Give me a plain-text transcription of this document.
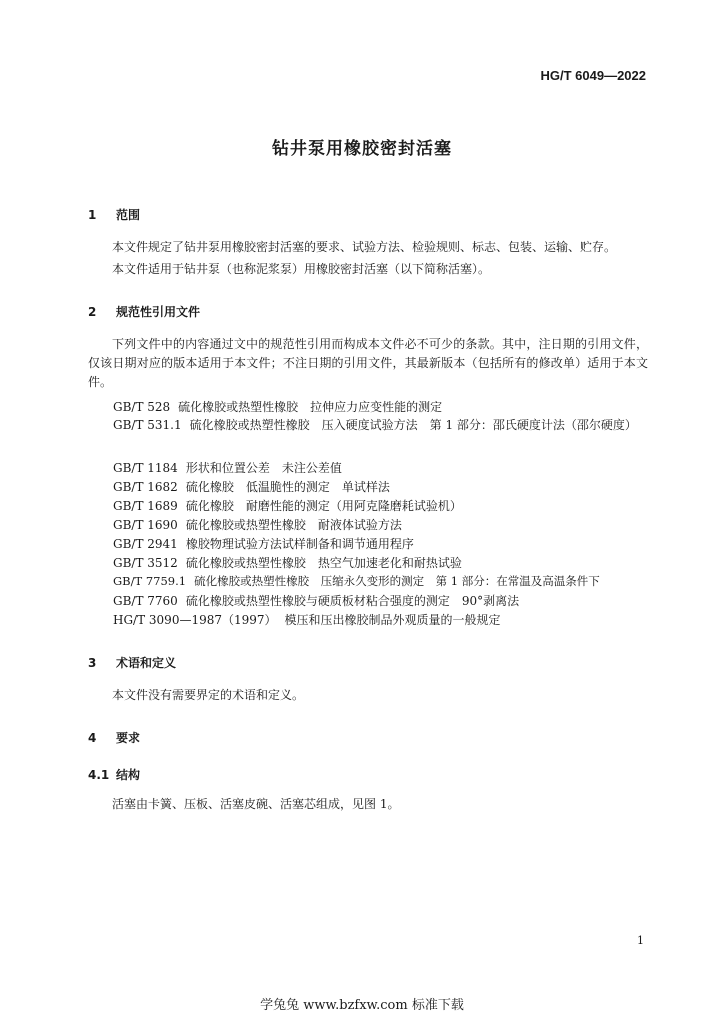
HG/T 6049—2022
钻井泵用橡胶密封活塞
1 范围
本文件规定了钻井泵用橡胶密封活塞的要求、试验方法、检验规则、标志、包装、运输、贮存。
本文件适用于钻井泵（也称泥浆泵）用橡胶密封活塞（以下简称活塞）。
2 规范性引用文件
下列文件中的内容通过文中的规范性引用而构成本文件必不可少的条款。其中，注日期的引用文件，仅该日期对应的版本适用于本文件；不注日期的引用文件，其最新版本（包括所有的修改单）适用于本文件。
GB/T 528 硫化橡胶或热塑性橡胶　拉伸应力应变性能的测定
GB/T 531.1 硫化橡胶或热塑性橡胶　压入硬度试验方法　第 1 部分：邵氏硬度计法（邵尔硬度）
GB/T 1184 形状和位置公差　未注公差值
GB/T 1682 硫化橡胶　低温脆性的测定　单试样法
GB/T 1689 硫化橡胶　耐磨性能的测定（用阿克隆磨耗试验机）
GB/T 1690 硫化橡胶或热塑性橡胶　耐液体试验方法
GB/T 2941 橡胶物理试验方法试样制备和调节通用程序
GB/T 3512 硫化橡胶或热塑性橡胶　热空气加速老化和耐热试验
GB/T 7759.1 硫化橡胶或热塑性橡胶　压缩永久变形的测定　第 1 部分：在常温及高温条件下
GB/T 7760 硫化橡胶或热塑性橡胶与硬质板材粘合强度的测定　90°剥离法
HG/T 3090—1987（1997） 模压和压出橡胶制品外观质量的一般规定
3 术语和定义
本文件没有需要界定的术语和定义。
4 要求
4.1 结构
活塞由卡簧、压板、活塞皮碗、活塞芯组成，见图 1。
1
学兔兔 www.bzfxw.com 标准下载
